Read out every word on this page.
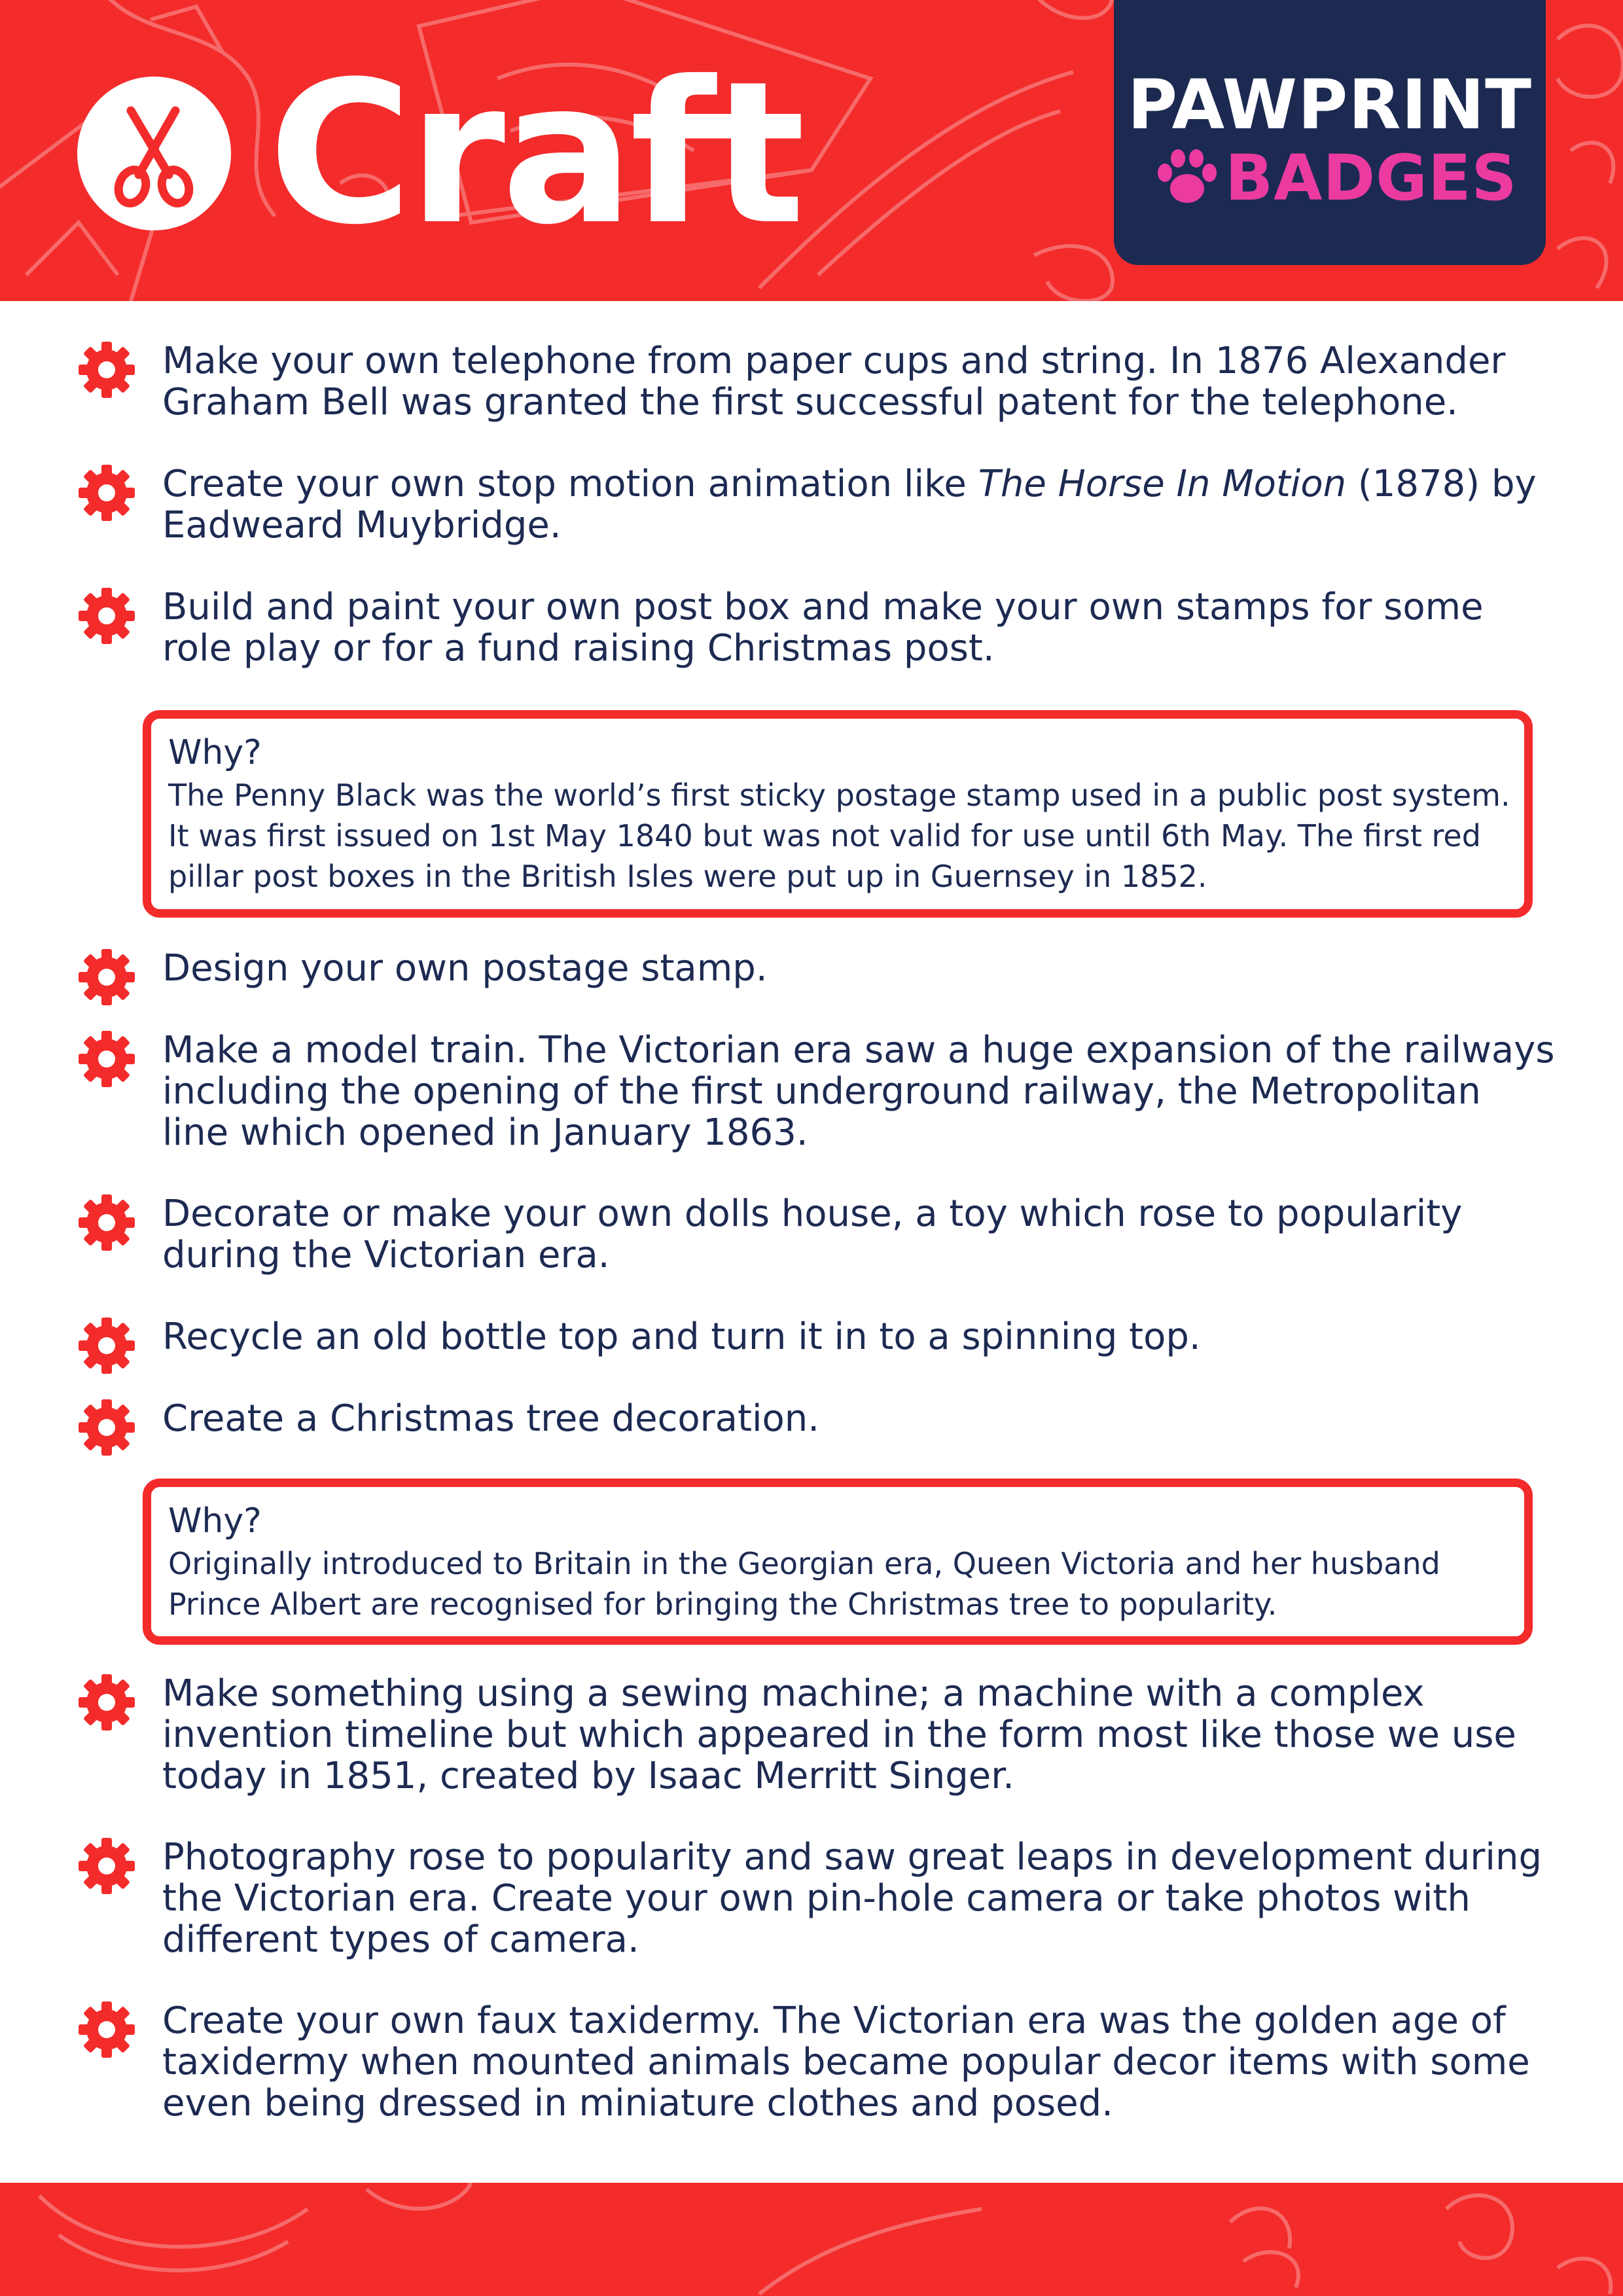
Craft	PAWPRINT
BADGES

Make your own telephone from paper cups and string. In 1876 Alexander Graham Bell was granted the first successful patent for the telephone.

Create your own stop motion animation like The Horse In Motion (1878) by Eadweard Muybridge.

Build and paint your own post box and make your own stamps for some role play or for a fund raising Christmas post.

Why?
The Penny Black was the world’s first sticky postage stamp used in a public post system. It was first issued on 1st May 1840 but was not valid for use until 6th May. The first red pillar post boxes in the British Isles were put up in Guernsey in 1852.

Design your own postage stamp.

Make a model train. The Victorian era saw a huge expansion of the railways including the opening of the first underground railway, the Metropolitan line which opened in January 1863.

Decorate or make your own dolls house, a toy which rose to popularity during the Victorian era.

Recycle an old bottle top and turn it in to a spinning top.

Create a Christmas tree decoration.

Why?
Originally introduced to Britain in the Georgian era, Queen Victoria and her husband Prince Albert are recognised for bringing the Christmas tree to popularity.

Make something using a sewing machine; a machine with a complex invention timeline but which appeared in the form most like those we use today in 1851, created by Isaac Merritt Singer.

Photography rose to popularity and saw great leaps in development during the Victorian era. Create your own pin-hole camera or take photos with different types of camera.

Create your own faux taxidermy. The Victorian era was the golden age of taxidermy when mounted animals became popular decor items with some even being dressed in miniature clothes and posed.
